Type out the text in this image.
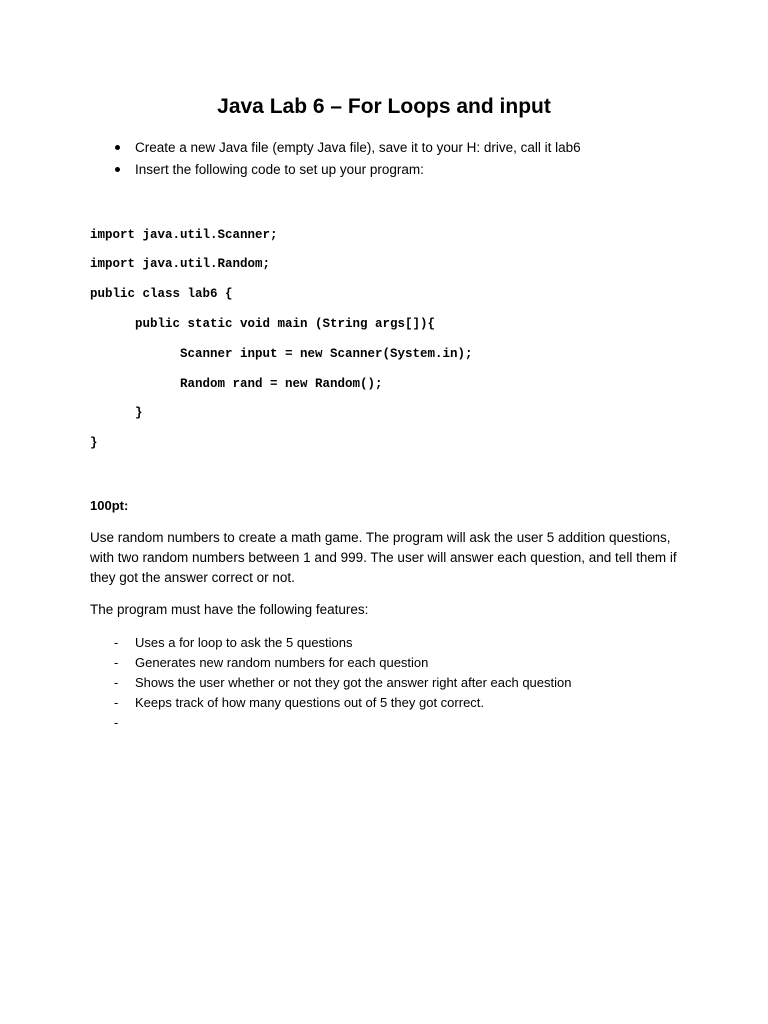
Java Lab 6 – For Loops and input
Create a new Java file (empty Java file), save it to your H: drive, call it lab6
Insert the following code to set up your program:
import java.util.Scanner;
import java.util.Random;
public class lab6 {
public static void main (String args[]){
Scanner input = new Scanner(System.in);
Random rand = new Random();
}
}
100pt:
Use random numbers to create a math game. The program will ask the user 5 addition questions, with two random numbers between 1 and 999. The user will answer each question, and tell them if they got the answer correct or not.
The program must have the following features:
- Uses a for loop to ask the 5 questions
- Generates new random numbers for each question
- Shows the user whether or not they got the answer right after each question
- Keeps track of how many questions out of 5 they got correct.
-
